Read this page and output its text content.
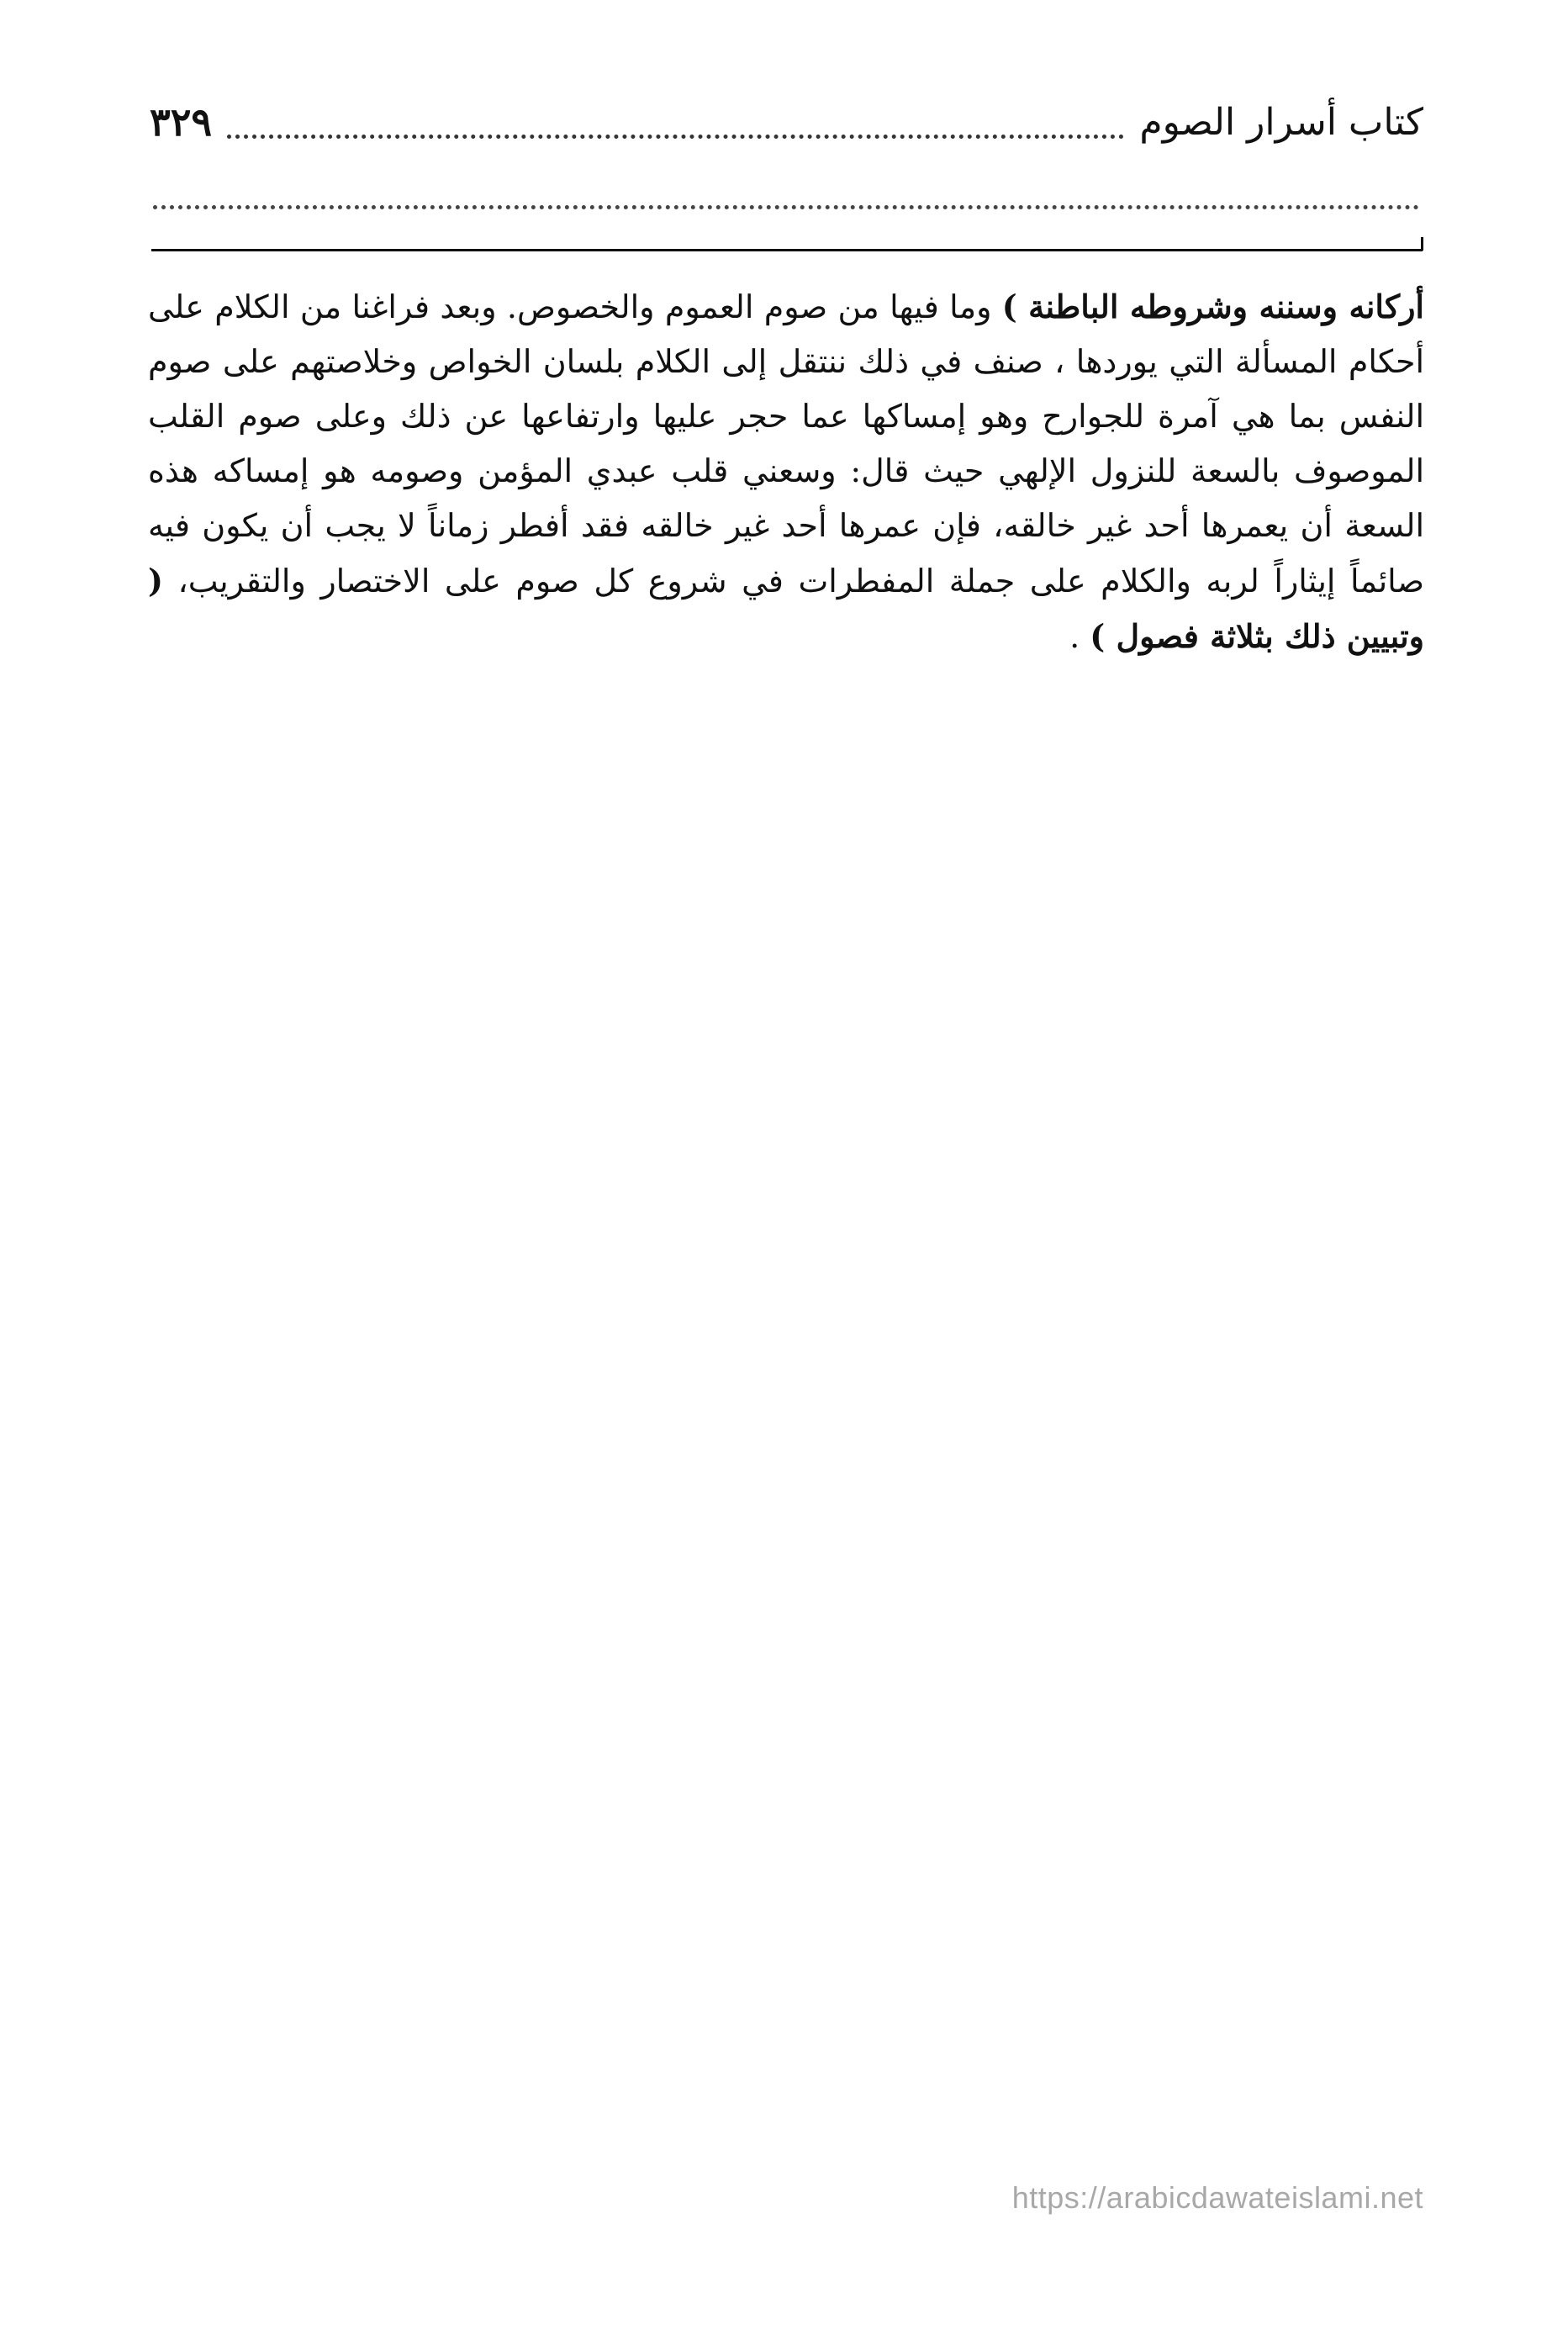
كتاب أسرار الصوم
٣٢٩
أركانه وسننه وشروطه الباطنة ) وما فيها من صوم العموم والخصوص. وبعد فراغنا من الكلام على أحكام المسألة التي يوردها ، صنف في ذلك ننتقل إلى الكلام بلسان الخواص وخلاصتهم على صوم النفس بما هي آمرة للجوارح وهو إمساكها عما حجر عليها وارتفاعها عن ذلك وعلى صوم القلب الموصوف بالسعة للنزول الإلهي حيث قال: وسعني قلب عبدي المؤمن وصومه هو إمساكه هذه السعة أن يعمرها أحد غير خالقه، فإن عمرها أحد غير خالقه فقد أفطر زماناً لا يجب أن يكون فيه صائماً إيثاراً لربه والكلام على جملة المفطرات في شروع كل صوم على الاختصار والتقريب، ( وتبيين ذلك بثلاثة فصول ) .
https://arabicdawateislami.net
